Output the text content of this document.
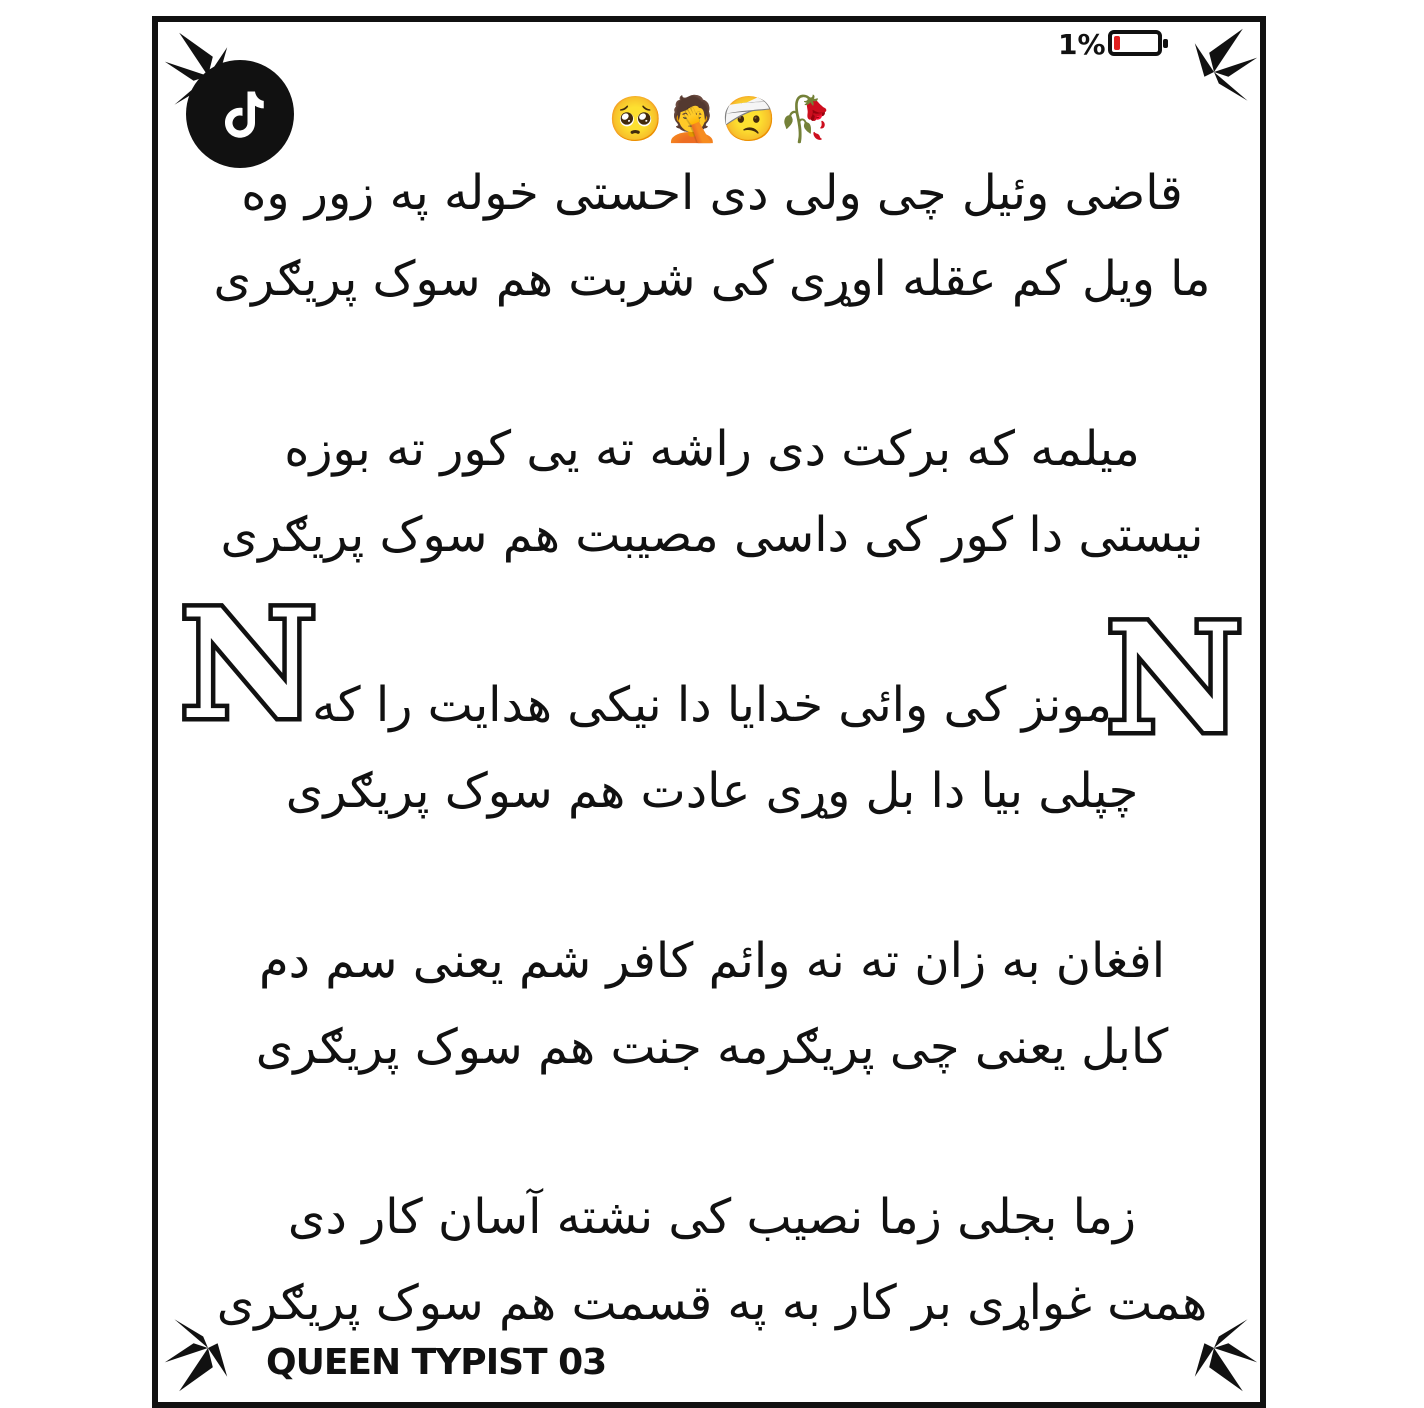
1%
🥺🤦🤕🥀
N	N
قاضی وئیل چی ولی دی احستی خوله په زور وه
ما ویل کم عقله اوړی کی شربت هم سوک پریګری
میلمه که برکت دی راشه ته یی کور ته بوزه
نیستی دا کور کی داسی مصیبت هم سوک پریګری
مونز کی وائی خدایا دا نیکی هدایت را که
چپلی بیا دا بل وړی عادت هم سوک پریګری
افغان به زان ته نه وائم کافر شم یعنی سم دم
کابل یعنی چی پریګرمه جنت هم سوک پریګری
زما بجلی زما نصیب کی نشته آسان کار دی
همت غواړی بر کار به په قسمت هم سوک پریګری
QUEEN TYPIST 03
